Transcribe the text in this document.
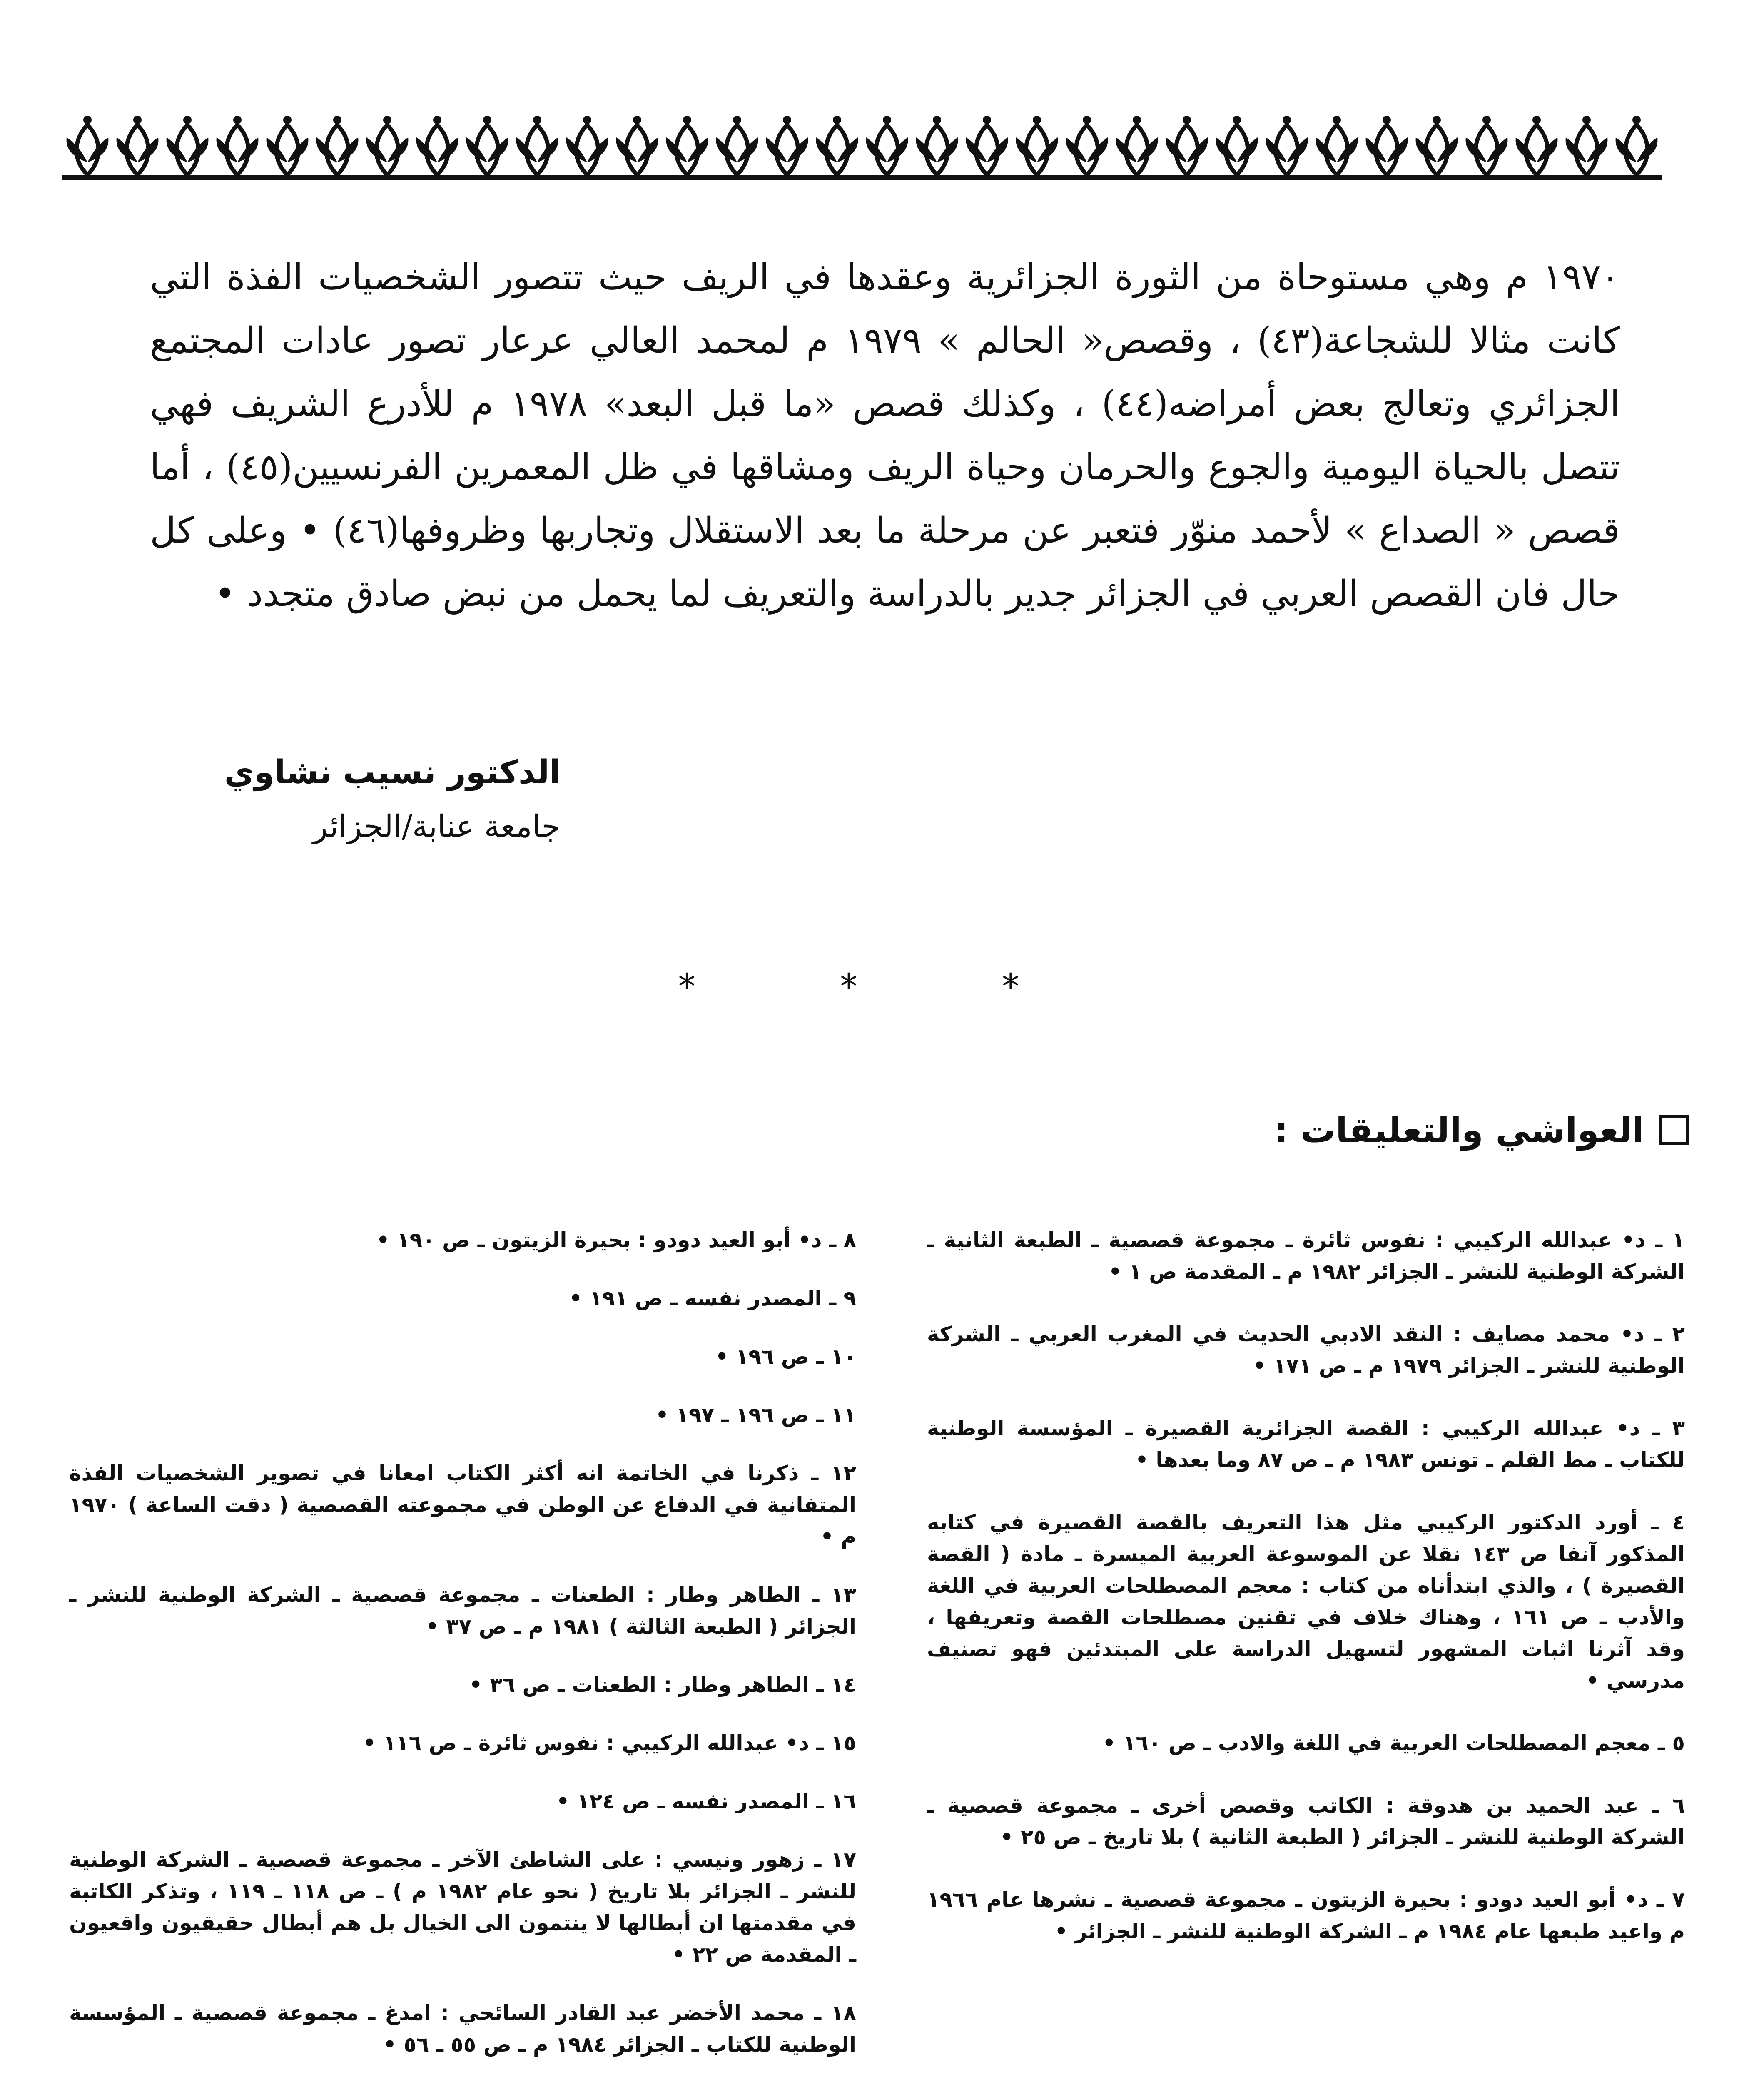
١٩٧٠ م وهي مستوحاة من الثورة الجزائرية وعقدها في الريف حيث تتصور الشخصيات الفذة التي كانت مثالا للشجاعة(٤٣) ، وقصص« الحالم » ١٩٧٩ م لمحمد العالي عرعار تصور عادات المجتمع الجزائري وتعالج بعض أمراضه(٤٤) ، وكذلك قصص «ما قبل البعد» ١٩٧٨ م للأدرع الشريف فهي تتصل بالحياة اليومية والجوع والحرمان وحياة الريف ومشاقها في ظل المعمرين الفرنسيين(٤٥) ، أما قصص « الصداع » لأحمد منوّر فتعبر عن مرحلة ما بعد الاستقلال وتجاربها وظروفها(٤٦) • وعلى كل حال فان القصص العربي في الجزائر جدير بالدراسة والتعريف لما يحمل من نبض صادق متجدد •

الدكتور نسيب نشاوي
جامعة عنابة/الجزائر
* * *
العواشي والتعليقات :

١ ـ د• عبدالله الركيبي : نفوس ثائرة ـ مجموعة قصصية ـ الطبعة الثانية ـ الشركة الوطنية للنشر ـ الجزائر ١٩٨٢ م ـ المقدمة ص ١ •

٢ ـ د• محمد مصايف : النقد الادبي الحديث في المغرب العربي ـ الشركة الوطنية للنشر ـ الجزائر ١٩٧٩ م ـ ص ١٧١ •

٣ ـ د• عبدالله الركيبي : القصة الجزائرية القصيرة ـ المؤسسة الوطنية للكتاب ـ مط القلم ـ تونس ١٩٨٣ م ـ ص ٨٧ وما بعدها •

٤ ـ أورد الدكتور الركيبي مثل هذا التعريف بالقصة القصيرة في كتابه المذكور آنفا ص ١٤٣ نقلا عن الموسوعة العربية الميسرة ـ مادة ( القصة القصيرة ) ، والذي ابتدأناه من كتاب : معجم المصطلحات العربية في اللغة والأدب ـ ص ١٦١ ، وهناك خلاف في تقنين مصطلحات القصة وتعريفها ، وقد آثرنا اثبات المشهور لتسهيل الدراسة على المبتدئين فهو تصنيف مدرسي •

٥ ـ معجم المصطلحات العربية في اللغة والادب ـ ص ١٦٠ •

٦ ـ عبد الحميد بن هدوقة : الكاتب وقصص أخرى ـ مجموعة قصصية ـ الشركة الوطنية للنشر ـ الجزائر ( الطبعة الثانية ) بلا تاريخ ـ ص ٢٥ •

٧ ـ د• أبو العيد دودو : بحيرة الزيتون ـ مجموعة قصصية ـ نشرها عام ١٩٦٦ م واعيد طبعها عام ١٩٨٤ م ـ الشركة الوطنية للنشر ـ الجزائر •

٨ ـ د• أبو العيد دودو : بحيرة الزيتون ـ ص ١٩٠ •

٩ ـ المصدر نفسه ـ ص ١٩١ •

١٠ ـ ص ١٩٦ •

١١ ـ ص ١٩٦ ـ ١٩٧ •

١٢ ـ ذكرنا في الخاتمة انه أكثر الكتاب امعانا في تصوير الشخصيات الفذة المتفانية في الدفاع عن الوطن في مجموعته القصصية ( دقت الساعة ) ١٩٧٠ م •

١٣ ـ الطاهر وطار : الطعنات ـ مجموعة قصصية ـ الشركة الوطنية للنشر ـ الجزائر ( الطبعة الثالثة ) ١٩٨١ م ـ ص ٣٧ •

١٤ ـ الطاهر وطار : الطعنات ـ ص ٣٦ •

١٥ ـ د• عبدالله الركيبي : نفوس ثائرة ـ ص ١١٦ •

١٦ ـ المصدر نفسه ـ ص ١٢٤ •

١٧ ـ زهور ونيسي : على الشاطئ الآخر ـ مجموعة قصصية ـ الشركة الوطنية للنشر ـ الجزائر بلا تاريخ ( نحو عام ١٩٨٢ م ) ـ ص ١١٨ ـ ١١٩ ، وتذكر الكاتبة في مقدمتها ان أبطالها لا ينتمون الى الخيال بل هم أبطال حقيقيون واقعيون ـ المقدمة ص ٢٢ •

١٨ ـ محمد الأخضر عبد القادر السائحي : امدغ ـ مجموعة قصصية ـ المؤسسة الوطنية للكتاب ـ الجزائر ١٩٨٤ م ـ ص ٥٥ ـ ٥٦ •
